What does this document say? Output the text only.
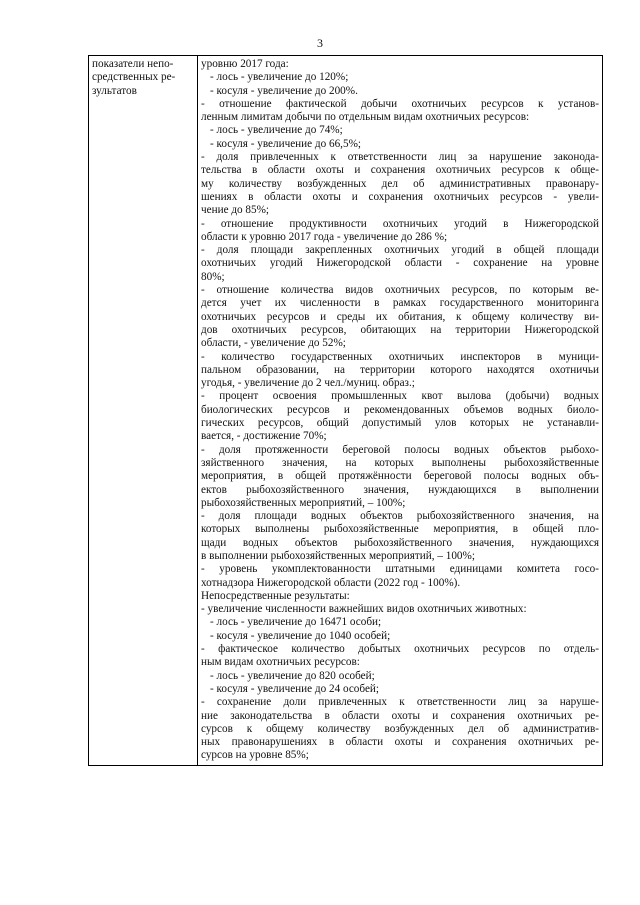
3
показатели непо-
средственных ре-
зультатов

уровню 2017 года:
- лось - увеличение до 120%;
- косуля - увеличение до 200%.
- отношение фактической добычи охотничьих ресурсов к установ-
ленным лимитам добычи по отдельным видам охотничьих ресурсов:
- лось - увеличение до 74%;
- косуля - увеличение до 66,5%;
- доля привлеченных к ответственности лиц за нарушение законода-
тельства в области охоты и сохранения охотничьих ресурсов к обще-
му количеству возбужденных дел об административных правонару-
шениях в области охоты и сохранения охотничьих ресурсов - увели-
чение до 85%;
- отношение продуктивности охотничьих угодий в Нижегородской
области к уровню 2017 года - увеличение до 286 %;
- доля площади закрепленных охотничьих угодий в общей площади
охотничьих угодий Нижегородской области - сохранение на уровне
80%;
- отношение количества видов охотничьих ресурсов, по которым ве-
дется учет их численности в рамках государственного мониторинга
охотничьих ресурсов и среды их обитания, к общему количеству ви-
дов охотничьих ресурсов, обитающих на территории Нижегородской
области, - увеличение до 52%;
- количество государственных охотничьих инспекторов в муници-
пальном образовании, на территории которого находятся охотничьи
угодья, - увеличение до 2 чел./муниц. образ.;
- процент освоения промышленных квот вылова (добычи) водных
биологических ресурсов и рекомендованных объемов водных биоло-
гических ресурсов, общий допустимый улов которых не устанавли-
вается, - достижение 70%;
- доля протяженности береговой полосы водных объектов рыбохо-
зяйственного значения, на которых выполнены рыбохозяйственные
мероприятия, в общей протяжённости береговой полосы водных объ-
ектов рыбохозяйственного значения, нуждающихся в выполнении
рыбохозяйственных мероприятий, – 100%;
- доля площади водных объектов рыбохозяйственного значения, на
которых выполнены рыбохозяйственные мероприятия, в общей пло-
щади водных объектов рыбохозяйственного значения, нуждающихся
в выполнении рыбохозяйственных мероприятий, – 100%;
- уровень укомплектованности штатными единицами комитета госо-
хотнадзора Нижегородской области (2022 год - 100%).
Непосредственные результаты:
- увеличение численности важнейших видов охотничьих животных:
- лось - увеличение до 16471 особи;
- косуля - увеличение до 1040 особей;
- фактическое количество добытых охотничьих ресурсов по отдель-
ным видам охотничьих ресурсов:
- лось - увеличение до 820 особей;
- косуля - увеличение до 24 особей;
- сохранение доли привлеченных к ответственности лиц за наруше-
ние законодательства в области охоты и сохранения охотничьих ре-
сурсов к общему количеству возбужденных дел об административ-
ных правонарушениях в области охоты и сохранения охотничьих ре-
сурсов на уровне 85%;
